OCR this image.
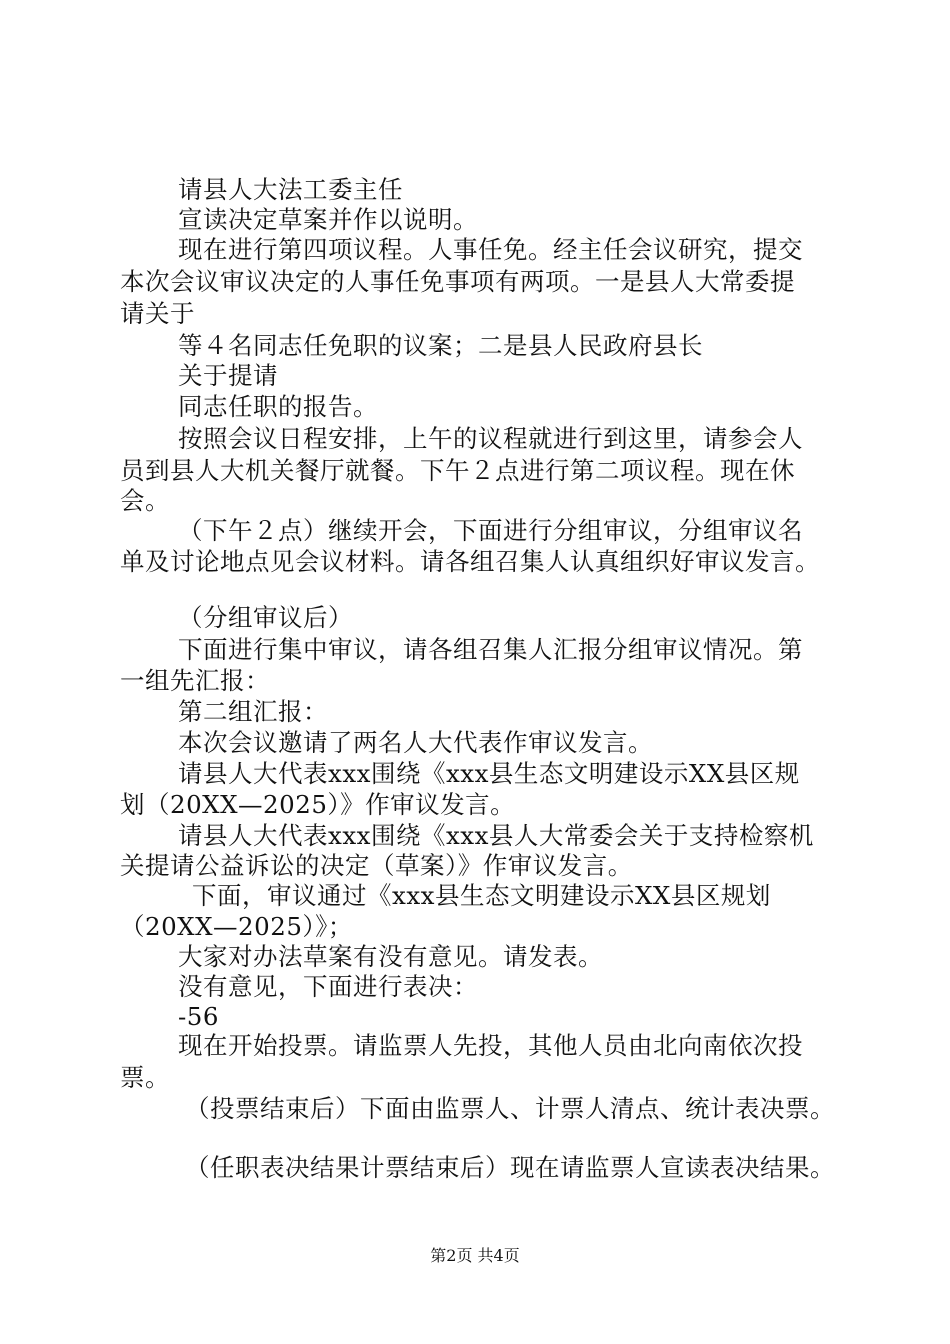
请县人大法工委主任
宣读决定草案并作以说明。
现在进行第四项议程。人事任免。经主任会议研究，提交
本次会议审议决定的人事任免事项有两项。一是县人大常委提
请关于
等４名同志任免职的议案；二是县人民政府县长
关于提请
同志任职的报告。
按照会议日程安排，上午的议程就进行到这里，请参会人
员到县人大机关餐厅就餐。下午２点进行第二项议程。现在休
会。
（下午２点）继续开会，下面进行分组审议，分组审议名
单及讨论地点见会议材料。请各组召集人认真组织好审议发言。
（分组审议后）
下面进行集中审议，请各组召集人汇报分组审议情况。第
一组先汇报：
第二组汇报：
本次会议邀请了两名人大代表作审议发言。
请县人大代表xxx围绕《xxx县生态文明建设示XX县区规
划（20XX—2025）》作审议发言。
请县人大代表xxx围绕《xxx县人大常委会关于支持检察机
关提请公益诉讼的决定（草案）》作审议发言。
下面，审议通过《xxx县生态文明建设示XX县区规划
（20XX—2025）》；
大家对办法草案有没有意见。请发表。
没有意见，下面进行表决：
-56
现在开始投票。请监票人先投，其他人员由北向南依次投
票。
（投票结束后）下面由监票人、计票人清点、统计表决票。
（任职表决结果计票结束后）现在请监票人宣读表决结果。
第2页 共4页
